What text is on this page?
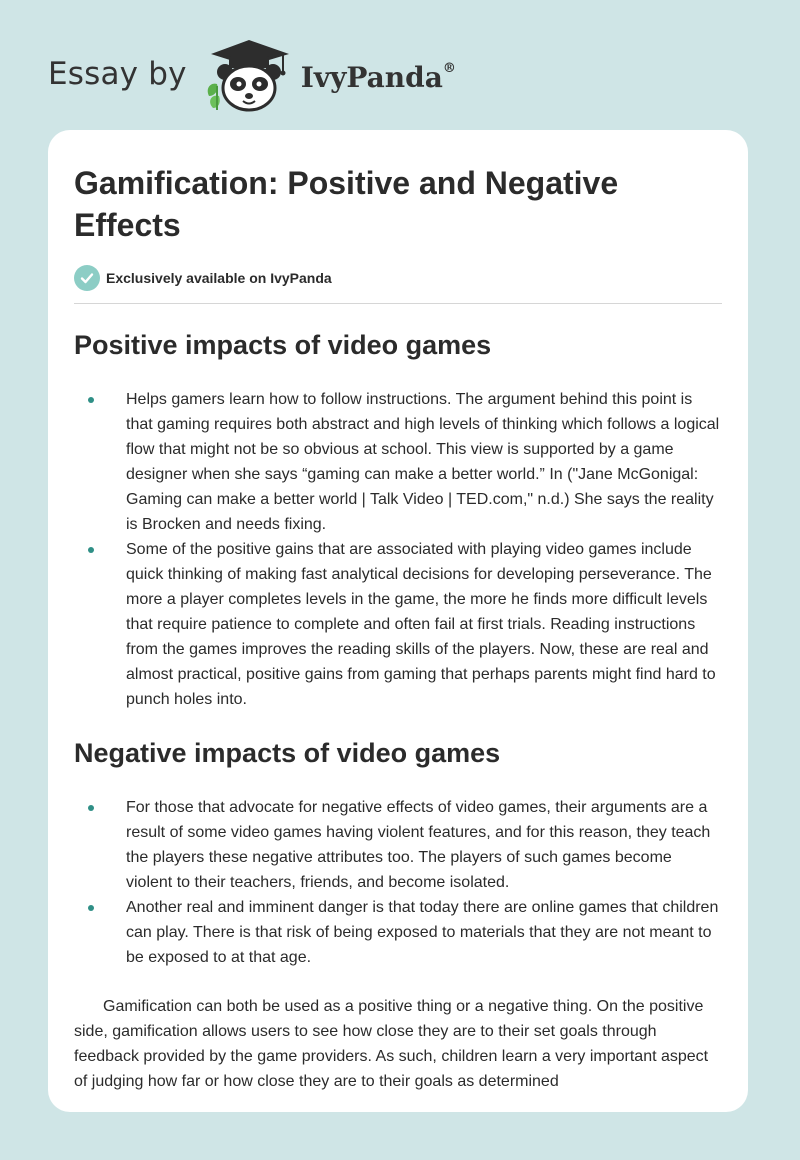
Essay by	IvyPanda®
Gamification: Positive and Negative Effects
Exclusively available on IvyPanda
Positive impacts of video games
Helps gamers learn how to follow instructions. The argument behind this point is that gaming requires both abstract and high levels of thinking which follows a logical flow that might not be so obvious at school. This view is supported by a game designer when she says “gaming can make a better world.” In ("Jane McGonigal: Gaming can make a better world | Talk Video | TED.com," n.d.) She says the reality is Brocken and needs fixing.
Some of the positive gains that are associated with playing video games include quick thinking of making fast analytical decisions for developing perseverance. The more a player completes levels in the game, the more he finds more difficult levels that require patience to complete and often fail at first trials. Reading instructions from the games improves the reading skills of the players. Now, these are real and almost practical, positive gains from gaming that perhaps parents might find hard to punch holes into.
Negative impacts of video games
For those that advocate for negative effects of video games, their arguments are a result of some video games having violent features, and for this reason, they teach the players these negative attributes too. The players of such games become violent to their teachers, friends, and become isolated.
Another real and imminent danger is that today there are online games that children can play. There is that risk of being exposed to materials that they are not meant to be exposed to at that age.

Gamification can both be used as a positive thing or a negative thing. On the positive side, gamification allows users to see how close they are to their set goals through feedback provided by the game providers. As such, children learn a very important aspect of judging how far or how close they are to their goals as determined
